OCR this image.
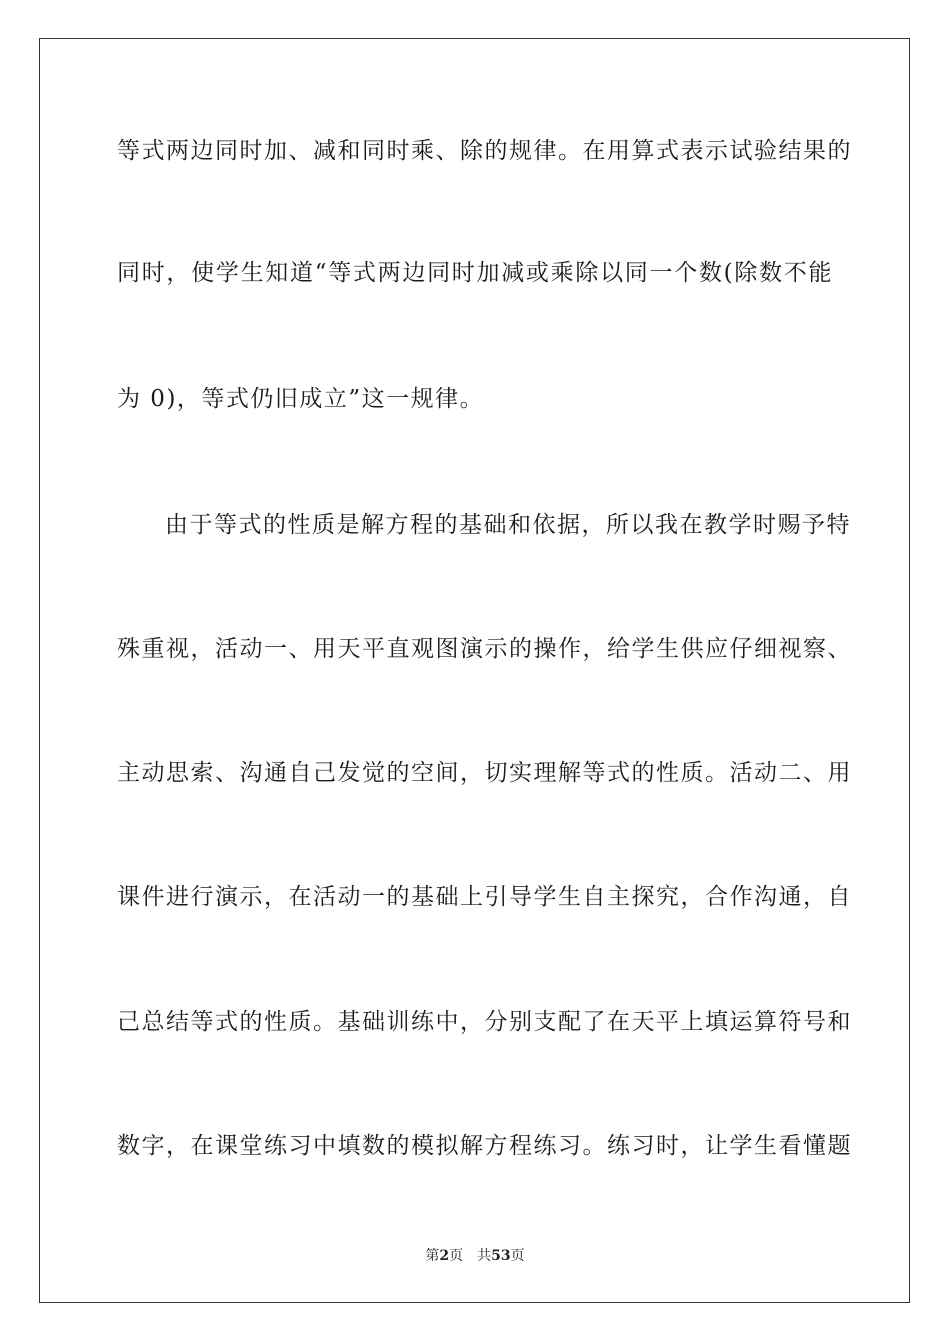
等式两边同时加、减和同时乘、除的规律。在用算式表示试验结果的
同时，使学生知道“等式两边同时加减或乘除以同一个数(除数不能
为 0)，等式仍旧成立”这一规律。
由于等式的性质是解方程的基础和依据，所以我在教学时赐予特
殊重视，活动一、用天平直观图演示的操作，给学生供应仔细视察、
主动思索、沟通自己发觉的空间，切实理解等式的性质。活动二、用
课件进行演示，在活动一的基础上引导学生自主探究，合作沟通，自
己总结等式的性质。基础训练中，分别支配了在天平上填运算符号和
数字，在课堂练习中填数的模拟解方程练习。练习时，让学生看懂题
第2页 共53页
